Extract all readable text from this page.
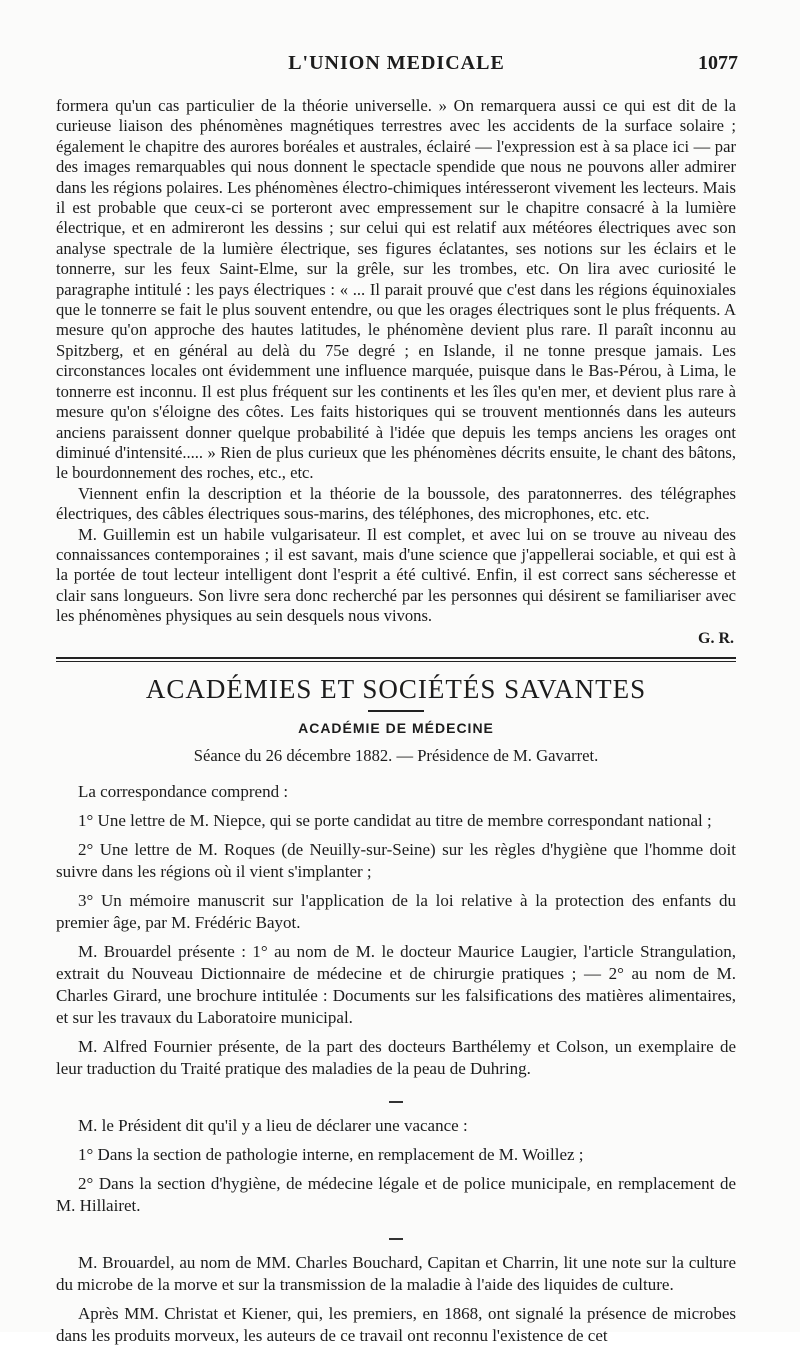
L'UNION MEDICALE	1077

formera qu'un cas particulier de la théorie universelle. » On remarquera aussi ce qui est dit de la curieuse liaison des phénomènes magnétiques terrestres avec les accidents de la surface solaire ; également le chapitre des aurores boréales et australes, éclairé — l'expression est à sa place ici — par des images remarquables qui nous donnent le spectacle spendide que nous ne pouvons aller admirer dans les régions polaires. Les phénomènes électro-chimiques intéresseront vivement les lecteurs. Mais il est probable que ceux-ci se porteront avec empressement sur le chapitre consacré à la lumière électrique, et en admireront les dessins ; sur celui qui est relatif aux météores électriques avec son analyse spectrale de la lumière électrique, ses figures éclatantes, ses notions sur les éclairs et le tonnerre, sur les feux Saint-Elme, sur la grêle, sur les trombes, etc. On lira avec curiosité le paragraphe intitulé : les pays électriques : « ... Il parait prouvé que c'est dans les régions équinoxiales que le tonnerre se fait le plus souvent entendre, ou que les orages électriques sont le plus fréquents. A mesure qu'on approche des hautes latitudes, le phénomène devient plus rare. Il paraît inconnu au Spitzberg, et en général au delà du 75e degré ; en Islande, il ne tonne presque jamais. Les circonstances locales ont évidemment une influence marquée, puisque dans le Bas-Pérou, à Lima, le tonnerre est inconnu. Il est plus fréquent sur les continents et les îles qu'en mer, et devient plus rare à mesure qu'on s'éloigne des côtes. Les faits historiques qui se trouvent mentionnés dans les auteurs anciens paraissent donner quelque probabilité à l'idée que depuis les temps anciens les orages ont diminué d'intensité..... » Rien de plus curieux que les phénomènes décrits ensuite, le chant des bâtons, le bourdonnement des roches, etc., etc.

Viennent enfin la description et la théorie de la boussole, des paratonnerres. des télégraphes électriques, des câbles électriques sous-marins, des téléphones, des microphones, etc. etc.

M. Guillemin est un habile vulgarisateur. Il est complet, et avec lui on se trouve au niveau des connaissances contemporaines ; il est savant, mais d'une science que j'appellerai sociable, et qui est à la portée de tout lecteur intelligent dont l'esprit a été cultivé. Enfin, il est correct sans sécheresse et clair sans longueurs. Son livre sera donc recherché par les personnes qui désirent se familiariser avec les phénomènes physiques au sein desquels nous vivons.

G. R.
ACADÉMIES ET SOCIÉTÉS SAVANTES
ACADÉMIE DE MÉDECINE
Séance du 26 décembre 1882. — Présidence de M. Gavarret.

La correspondance comprend :

1° Une lettre de M. Niepce, qui se porte candidat au titre de membre correspondant national ;

2° Une lettre de M. Roques (de Neuilly-sur-Seine) sur les règles d'hygiène que l'homme doit suivre dans les régions où il vient s'implanter ;

3° Un mémoire manuscrit sur l'application de la loi relative à la protection des enfants du premier âge, par M. Frédéric Bayot.

M. Brouardel présente : 1° au nom de M. le docteur Maurice Laugier, l'article Strangulation, extrait du Nouveau Dictionnaire de médecine et de chirurgie pratiques ; — 2° au nom de M. Charles Girard, une brochure intitulée : Documents sur les falsifications des matières alimentaires, et sur les travaux du Laboratoire municipal.

M. Alfred Fournier présente, de la part des docteurs Barthélemy et Colson, un exemplaire de leur traduction du Traité pratique des maladies de la peau de Duhring.

M. le Président dit qu'il y a lieu de déclarer une vacance :

1° Dans la section de pathologie interne, en remplacement de M. Woillez ;

2° Dans la section d'hygiène, de médecine légale et de police municipale, en remplacement de M. Hillairet.

M. Brouardel, au nom de MM. Charles Bouchard, Capitan et Charrin, lit une note sur la culture du microbe de la morve et sur la transmission de la maladie à l'aide des liquides de culture.

Après MM. Christat et Kiener, qui, les premiers, en 1868, ont signalé la présence de microbes dans les produits morveux, les auteurs de ce travail ont reconnu l'existence de cet
